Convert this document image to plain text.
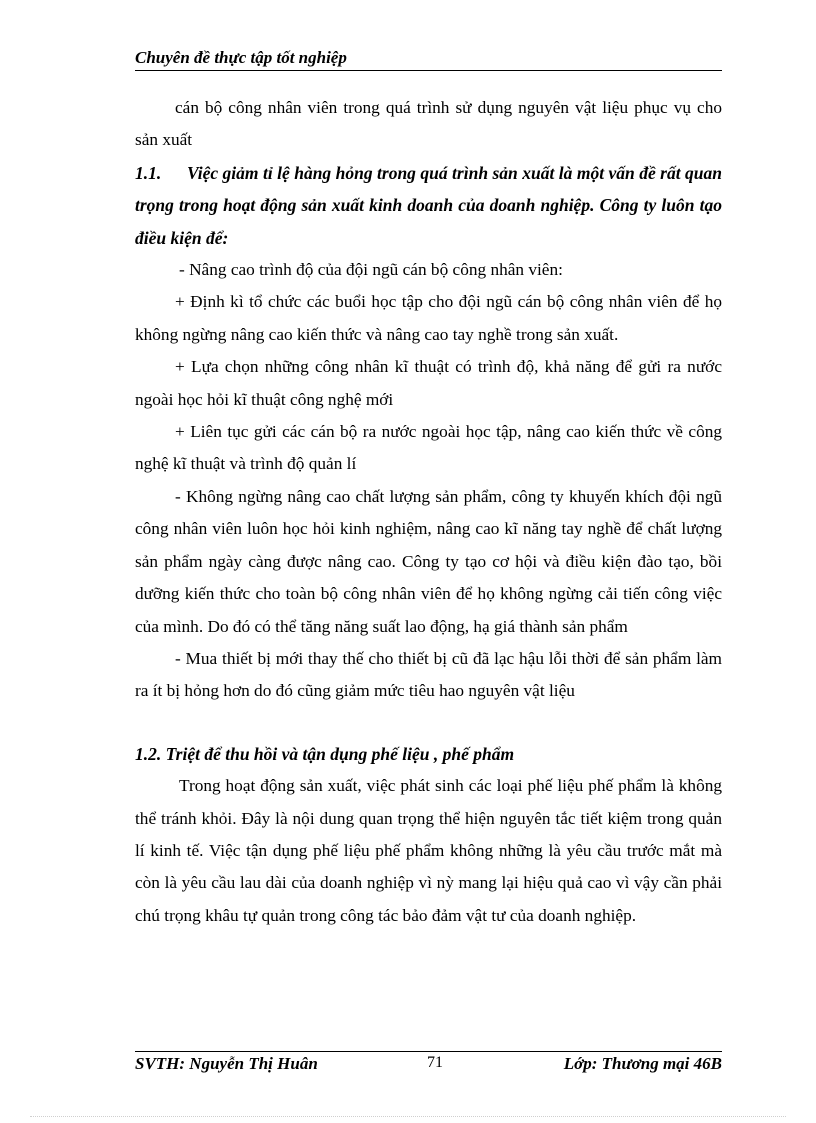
Chuyên đề thực tập tốt nghiệp

cán bộ công nhân viên trong quá trình sử dụng nguyên vật liệu phục vụ cho sản xuất

1.1. Việc giảm tỉ lệ hàng hỏng trong quá trình sản xuất là một vấn đề rất quan trọng trong hoạt động sản xuất kinh doanh của doanh nghiệp. Công ty luôn tạo điều kiện để:

- Nâng cao trình độ của đội ngũ cán bộ công nhân viên:

+ Định kì tổ chức các buổi học tập cho đội ngũ cán bộ công nhân viên để họ không ngừng nâng cao kiến thức và nâng cao tay nghề trong sản xuất.

+ Lựa chọn những công nhân kĩ thuật có trình độ, khả năng để gửi ra nước ngoài học hỏi kĩ thuật công nghệ mới

+ Liên tục gửi các cán bộ ra nước ngoài học tập, nâng cao kiến thức về công nghệ kĩ thuật và trình độ quản lí

- Không ngừng nâng cao chất lượng sản phẩm, công ty khuyến khích đội ngũ công nhân viên luôn học hỏi kinh nghiệm, nâng cao kĩ năng tay nghề để chất lượng sản phẩm ngày càng được nâng cao. Công ty tạo cơ hội và điều kiện đào tạo, bồi dưỡng kiến thức cho toàn bộ công nhân viên để họ không ngừng cải tiến công việc của mình. Do đó có thể tăng năng suất lao động, hạ giá thành sản phẩm

- Mua thiết bị mới thay thế cho thiết bị cũ đã lạc hậu lỗi thời để sản phẩm làm ra ít bị hỏng hơn do đó cũng giảm mức tiêu hao nguyên vật liệu

1.2. Triệt để thu hồi và tận dụng phế liệu , phế phẩm

Trong hoạt động sản xuất, việc phát sinh các loại phế liệu phế phẩm là không thể tránh khỏi. Đây là nội dung quan trọng thể hiện nguyên tắc tiết kiệm trong quản lí kinh tế. Việc tận dụng phế liệu phế phẩm không những là yêu cầu trước mắt mà còn là yêu cầu lau dài của doanh nghiệp vì nỳ mang lại hiệu quả cao vì vậy cần phải chú trọng khâu tự quản trong công tác bảo đảm vật tư của doanh nghiệp.

SVTH: Nguyễn Thị Huân	71	Lớp: Thương mại 46B
